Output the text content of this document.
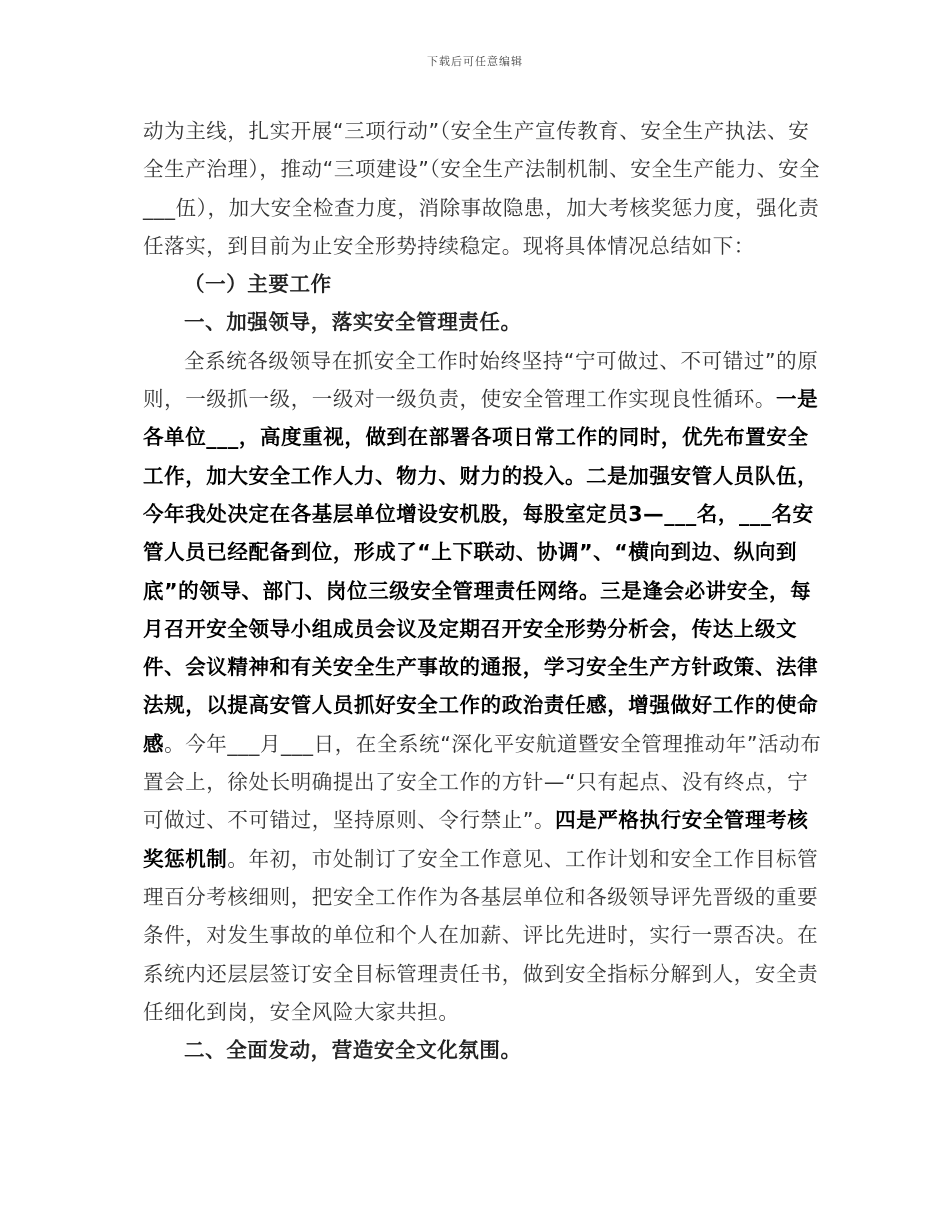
下载后可任意编辑

动为主线，扎实开展“三项行动”（安全生产宣传教育、安全生产执法、安全生产治理），推动“三项建设”（安全生产法制机制、安全生产能力、安全___伍），加大安全检查力度，消除事故隐患，加大考核奖惩力度，强化责任落实，到目前为止安全形势持续稳定。现将具体情况总结如下：

（一）主要工作

一、加强领导，落实安全管理责任。

全系统各级领导在抓安全工作时始终坚持“宁可做过、不可错过”的原则，一级抓一级，一级对一级负责，使安全管理工作实现良性循环。一是各单位___，高度重视，做到在部署各项日常工作的同时，优先布置安全工作，加大安全工作人力、物力、财力的投入。二是加强安管人员队伍，今年我处决定在各基层单位增设安机股，每股室定员3—___名，___名安管人员已经配备到位，形成了“上下联动、协调”、“横向到边、纵向到底”的领导、部门、岗位三级安全管理责任网络。三是逢会必讲安全，每月召开安全领导小组成员会议及定期召开安全形势分析会，传达上级文件、会议精神和有关安全生产事故的通报，学习安全生产方针政策、法律法规，以提高安管人员抓好安全工作的政治责任感，增强做好工作的使命感。今年___月___日，在全系统“深化平安航道暨安全管理推动年”活动布置会上，徐处长明确提出了安全工作的方针—“只有起点、没有终点，宁可做过、不可错过，坚持原则、令行禁止”。四是严格执行安全管理考核奖惩机制。年初，市处制订了安全工作意见、工作计划和安全工作目标管理百分考核细则，把安全工作作为各基层单位和各级领导评先晋级的重要条件，对发生事故的单位和个人在加薪、评比先进时，实行一票否决。在系统内还层层签订安全目标管理责任书，做到安全指标分解到人，安全责任细化到岗，安全风险大家共担。

二、全面发动，营造安全文化氛围。
